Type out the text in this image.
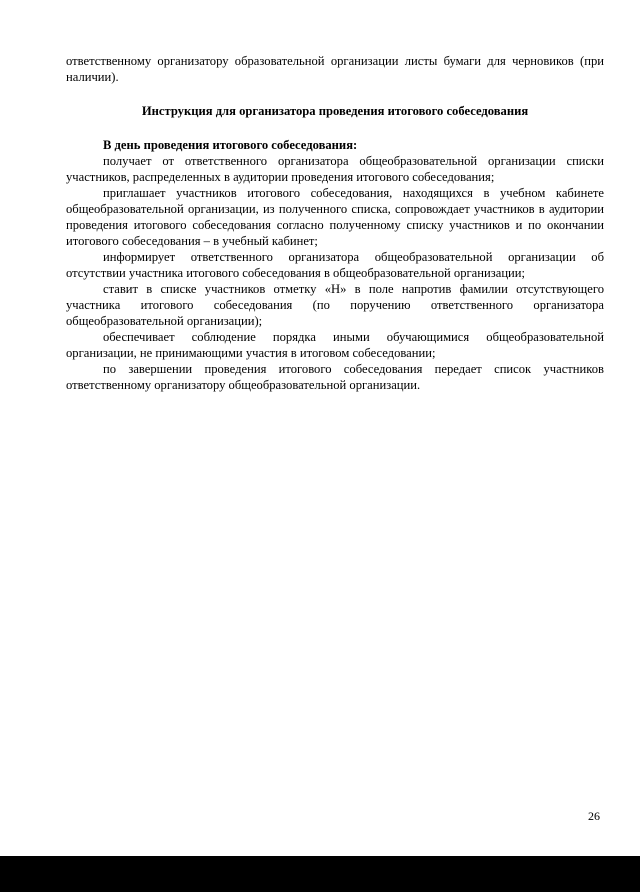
ответственному организатору образовательной организации листы бумаги для черновиков (при наличии).

Инструкция для организатора проведения итогового собеседования

В день проведения итогового собеседования:

получает от ответственного организатора общеобразовательной организации списки участников, распределенных в аудитории проведения итогового собеседования;

приглашает участников итогового собеседования, находящихся в учебном кабинете общеобразовательной организации, из полученного списка, сопровождает участников в аудитории проведения итогового собеседования согласно полученному списку участников и по окончании итогового собеседования – в учебный кабинет;

информирует ответственного организатора общеобразовательной организации об отсутствии участника итогового собеседования в общеобразовательной организации;

ставит в списке участников отметку «Н» в поле напротив фамилии отсутствующего участника итогового собеседования (по поручению ответственного организатора общеобразовательной организации);

обеспечивает соблюдение порядка иными обучающимися общеобразовательной организации, не принимающими участия в итоговом собеседовании;

по завершении проведения итогового собеседования передает список участников ответственному организатору общеобразовательной организации.

26
